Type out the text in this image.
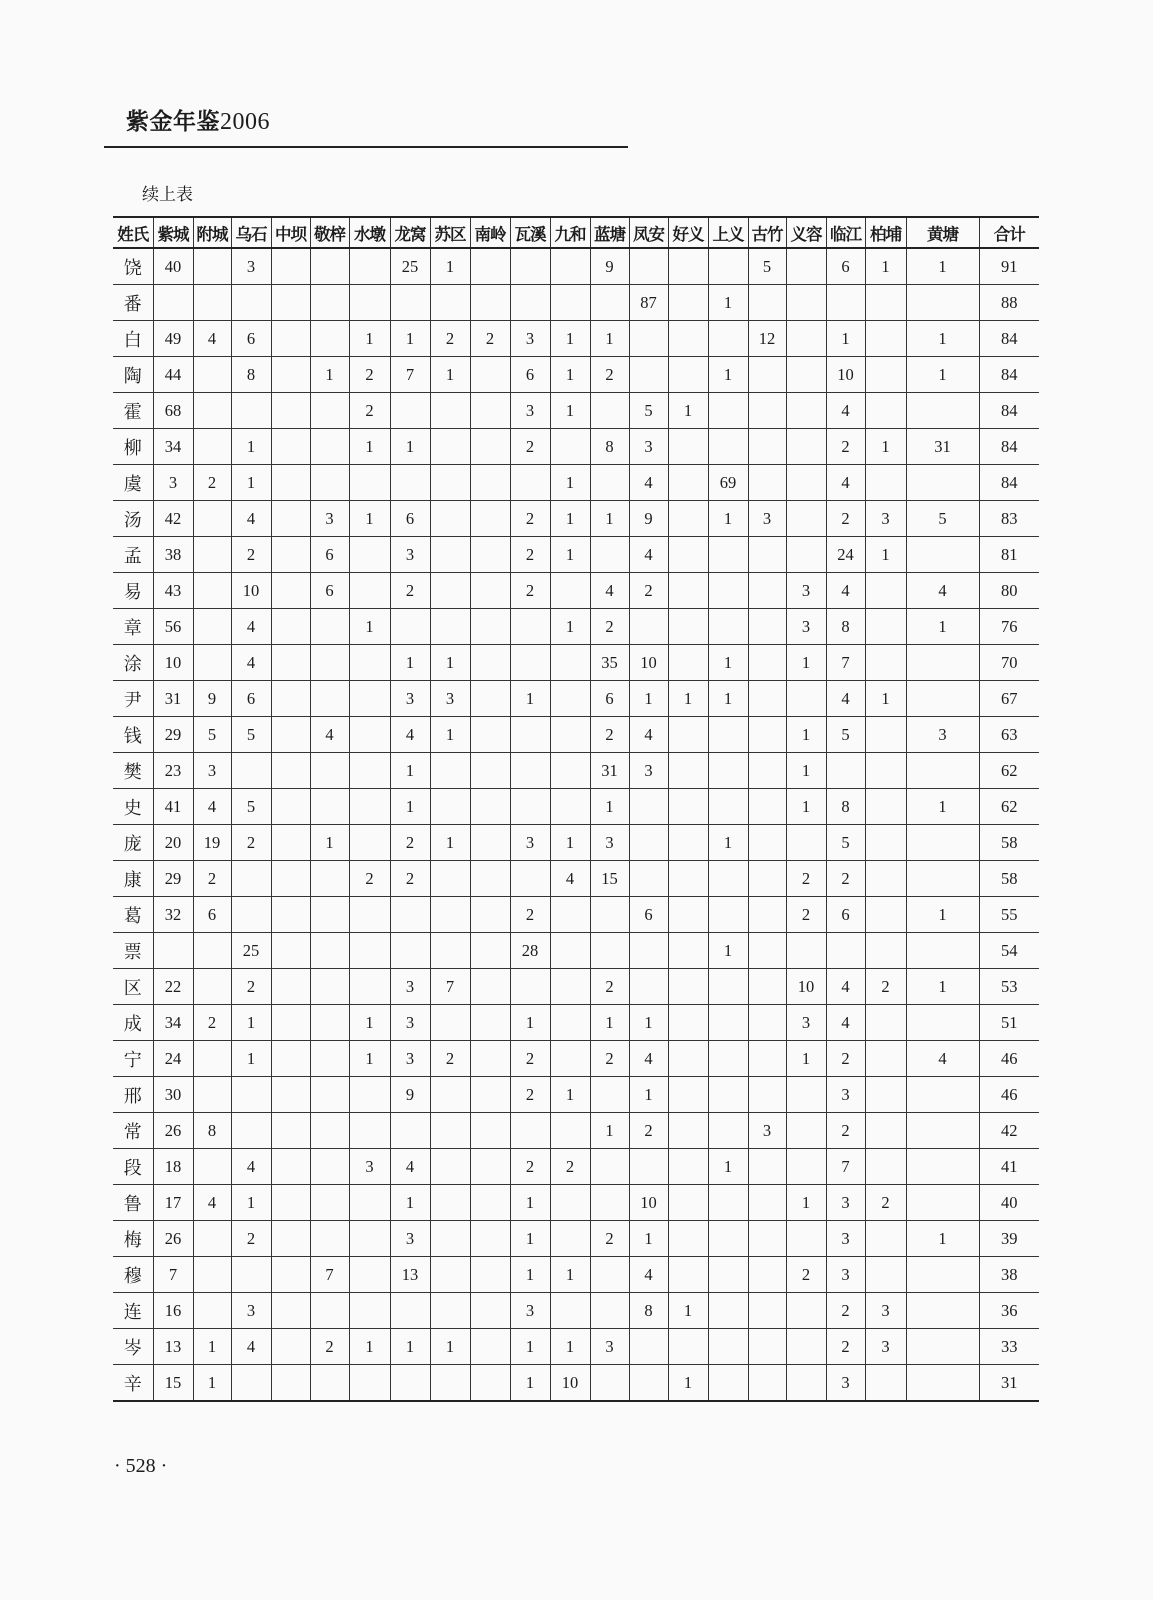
紫金年鉴2006
续上表
姓氏	紫城	附城	乌石	中坝	敬梓	水墩	龙窝	苏区	南岭	瓦溪	九和	蓝塘	凤安	好义	上义	古竹	义容	临江	柏埔	黄塘	合计
饶	40		3				25	1				9				5		6	1	1	91
番													87		1						88
白	49	4	6			1	1	2	2	3	1	1				12		1		1	84
陶	44		8		1	2	7	1		6	1	2			1			10		1	84
霍	68					2				3	1		5	1				4			84
柳	34		1			1	1			2		8	3					2	1	31	84
虞	3	2	1								1		4		69			4			84
汤	42		4		3	1	6			2	1	1	9		1	3		2	3	5	83
孟	38		2		6		3			2	1		4					24	1		81
易	43		10		6		2			2		4	2				3	4		4	80
章	56		4			1					1	2					3	8		1	76
涂	10		4				1	1				35	10		1		1	7			70
尹	31	9	6				3	3		1		6	1	1	1			4	1		67
钱	29	5	5		4		4	1				2	4				1	5		3	63
樊	23	3					1					31	3				1				62
史	41	4	5				1					1					1	8		1	62
庞	20	19	2		1		2	1		3	1	3			1			5			58
康	29	2				2	2				4	15					2	2			58
葛	32	6								2			6				2	6		1	55
票			25							28					1						54
区	22		2				3	7				2					10	4	2	1	53
成	34	2	1			1	3			1		1	1				3	4			51
宁	24		1			1	3	2		2		2	4				1	2		4	46
邢	30						9			2	1		1					3			46
常	26	8										1	2			3		2			42
段	18		4			3	4			2	2				1			7			41
鲁	17	4	1				1			1			10				1	3	2		40
梅	26		2				3			1		2	1					3		1	39
穆	7				7		13			1	1		4				2	3			38
连	16		3							3			8	1				2	3		36
岑	13	1	4		2	1	1	1		1	1	3						2	3		33
辛	15	1								1	10			1				3			31
· 528 ·
